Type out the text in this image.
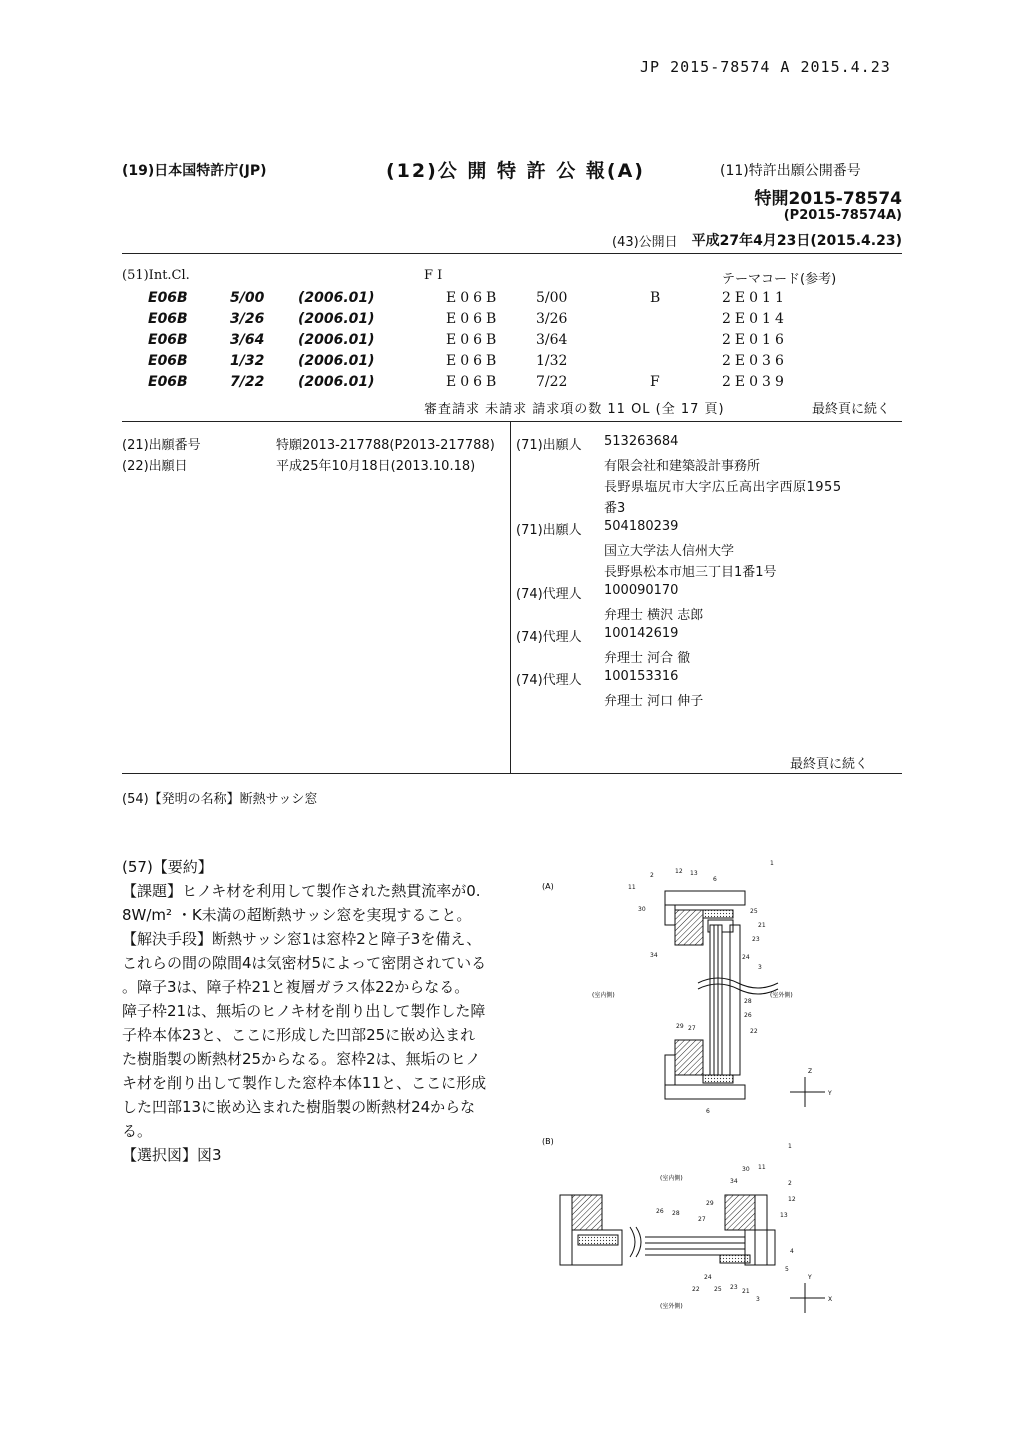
JP 2015-78574 A 2015.4.23
(19)日本国特許庁(JP)	(12)公 開 特 許 公 報(A)	(11)特許出願公開番号
特開2015-78574
(P2015-78574A)
(43)公開日 平成27年4月23日(2015.4.23)
(51)Int.Cl.	F I	テーマコード(参考)
E06B	5/00 (2006.01)	E06B	5/00	B	2E011
E06B	3/26 (2006.01)	E06B	3/26	2E014
E06B	3/64 (2006.01)	E06B	3/64	2E016
E06B	1/32 (2006.01)	E06B	1/32	2E036
E06B	7/22 (2006.01)	E06B	7/22	F	2E039
審査請求 未請求 請求項の数 11 OL (全 17 頁)	最終頁に続く
(21)出願番号	特願2013-217788(P2013-217788)
(22)出願日	平成25年10月18日(2013.10.18)
(71)出願人 513263684
有限会社和建築設計事務所
長野県塩尻市大字広丘高出字西原1955
番3
(71)出願人 504180239
国立大学法人信州大学
長野県松本市旭三丁目1番1号
(74)代理人 100090170
弁理士 横沢 志郎
(74)代理人 100142619
弁理士 河合 徹
(74)代理人 100153316
弁理士 河口 伸子
最終頁に続く
(54)【発明の名称】断熱サッシ窓
(57)【要約】
【課題】ヒノキ材を利用して製作された熱貫流率が0.
8W/m² ・K未満の超断熱サッシ窓を実現すること。
【解決手段】断熱サッシ窓1は窓枠2と障子3を備え、
これらの間の隙間4は気密材5によって密閉されている
。障子3は、障子枠21と複層ガラス体22からなる。
障子枠21は、無垢のヒノキ材を削り出して製作した障
子枠本体23と、ここに形成した凹部25に嵌め込まれ
た樹脂製の断熱材25からなる。窓枠2は、無垢のヒノ
キ材を削り出して製作した窓枠本体11と、ここに形成
した凹部13に嵌め込まれた樹脂製の断熱材24からな
る。
【選択図】図3
(A)
(室内側)	(室外側)
1
2
12 13
6
11
30	25
21
23
34	24
3
28
26
22
29 27
6
Z
Y
(B)
(室内側)
(室外側)
1
30 11
34	2
12
29
13
26 28
27
4
5
24
22 25 23
21
3
Y
X
